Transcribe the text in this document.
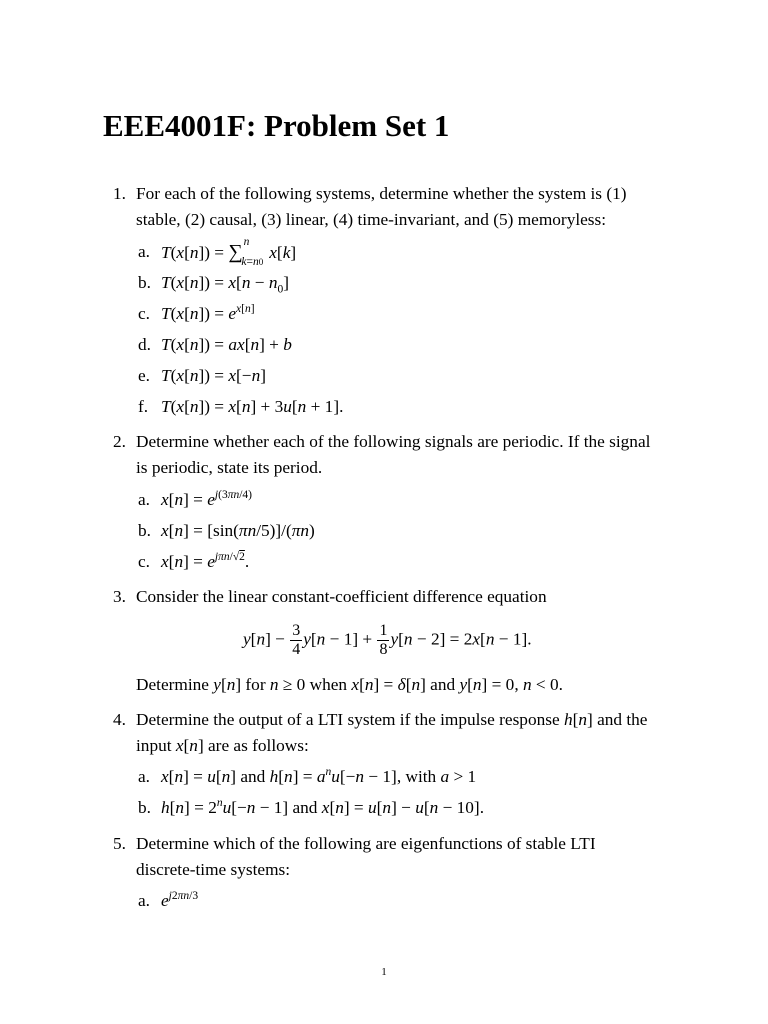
EEE4001F: Problem Set 1
1. For each of the following systems, determine whether the system is (1)
stable, (2) causal, (3) linear, (4) time-invariant, and (5) memoryless:
a. T(x[n]) = ∑$^n_{k=n0}$x[k]
b. $T(x[n]) = x[n - n_0]$
c. $T(x[n]) = e^{x[n]}$
d. T(x[n]) = ax[n] + b
e. T(x[n]) = x[−n]
f. T(x[n]) = x[n] + 3u[n + 1].
2. Determine whether each of the following signals are periodic. If the signal
is periodic, state its period.
a. $x[n] = e^{j(3\pi n/4)}$
b. x[n] = [sin(πn/5)]/(πn)
c. $x[n] = e^{j\pi n/√2}$.
3. Consider the linear constant-coefficient difference equation
$y[n] - \frac{3}{4} y[n - 1] + \frac{1}{8} y[n - 2] = 2x[n - 1]$.
Determine y[n] for n ≥ 0 when x[n] = δ[n] and y[n] = 0, n < 0.
4. Determine the output of a LTI system if the impulse response h[n] and the
input x[n] are as follows:
a. x[n] = u[n] and $h[n] = a^nu[-n - 1]$, with a > 1
b. $h[n] = 2^nu[-n - 1]$ and x[n] = u[n] − u[n − 10].
5. Determine which of the following are eigenfunctions of stable LTI
discrete-time systems:
a. $e^{j2\pi n/3}$
1
